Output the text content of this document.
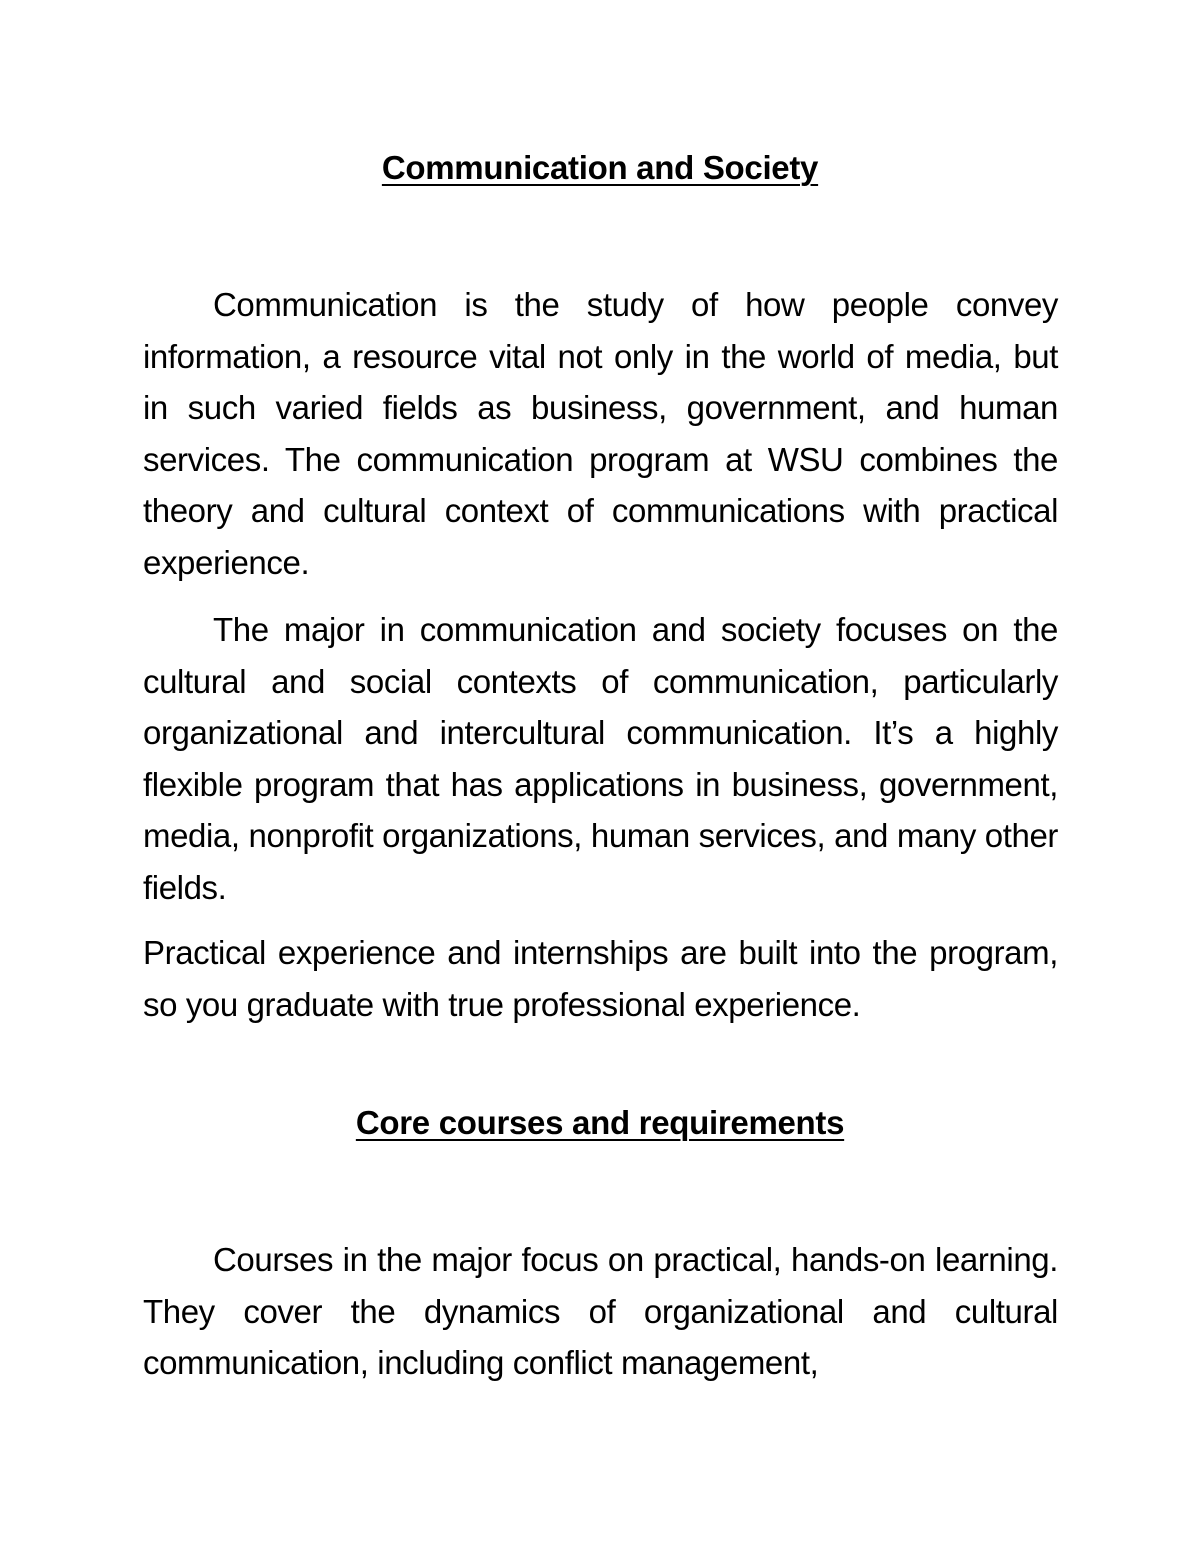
Communication and Society

Communication is the study of how people convey information, a resource vital not only in the world of media, but in such varied fields as business, government, and human services. The communication program at WSU combines the theory and cultural context of communications with practical experience.

The major in communication and society focuses on the cultural and social contexts of communication, particularly organizational and intercultural communication. It’s a highly flexible program that has applications in business, government, media, nonprofit organizations, human services, and many other fields.

Practical experience and internships are built into the program, so you graduate with true professional experience.

Core courses and requirements

Courses in the major focus on practical, hands-on learning. They cover the dynamics of organizational and cultural communication, including conflict management,
